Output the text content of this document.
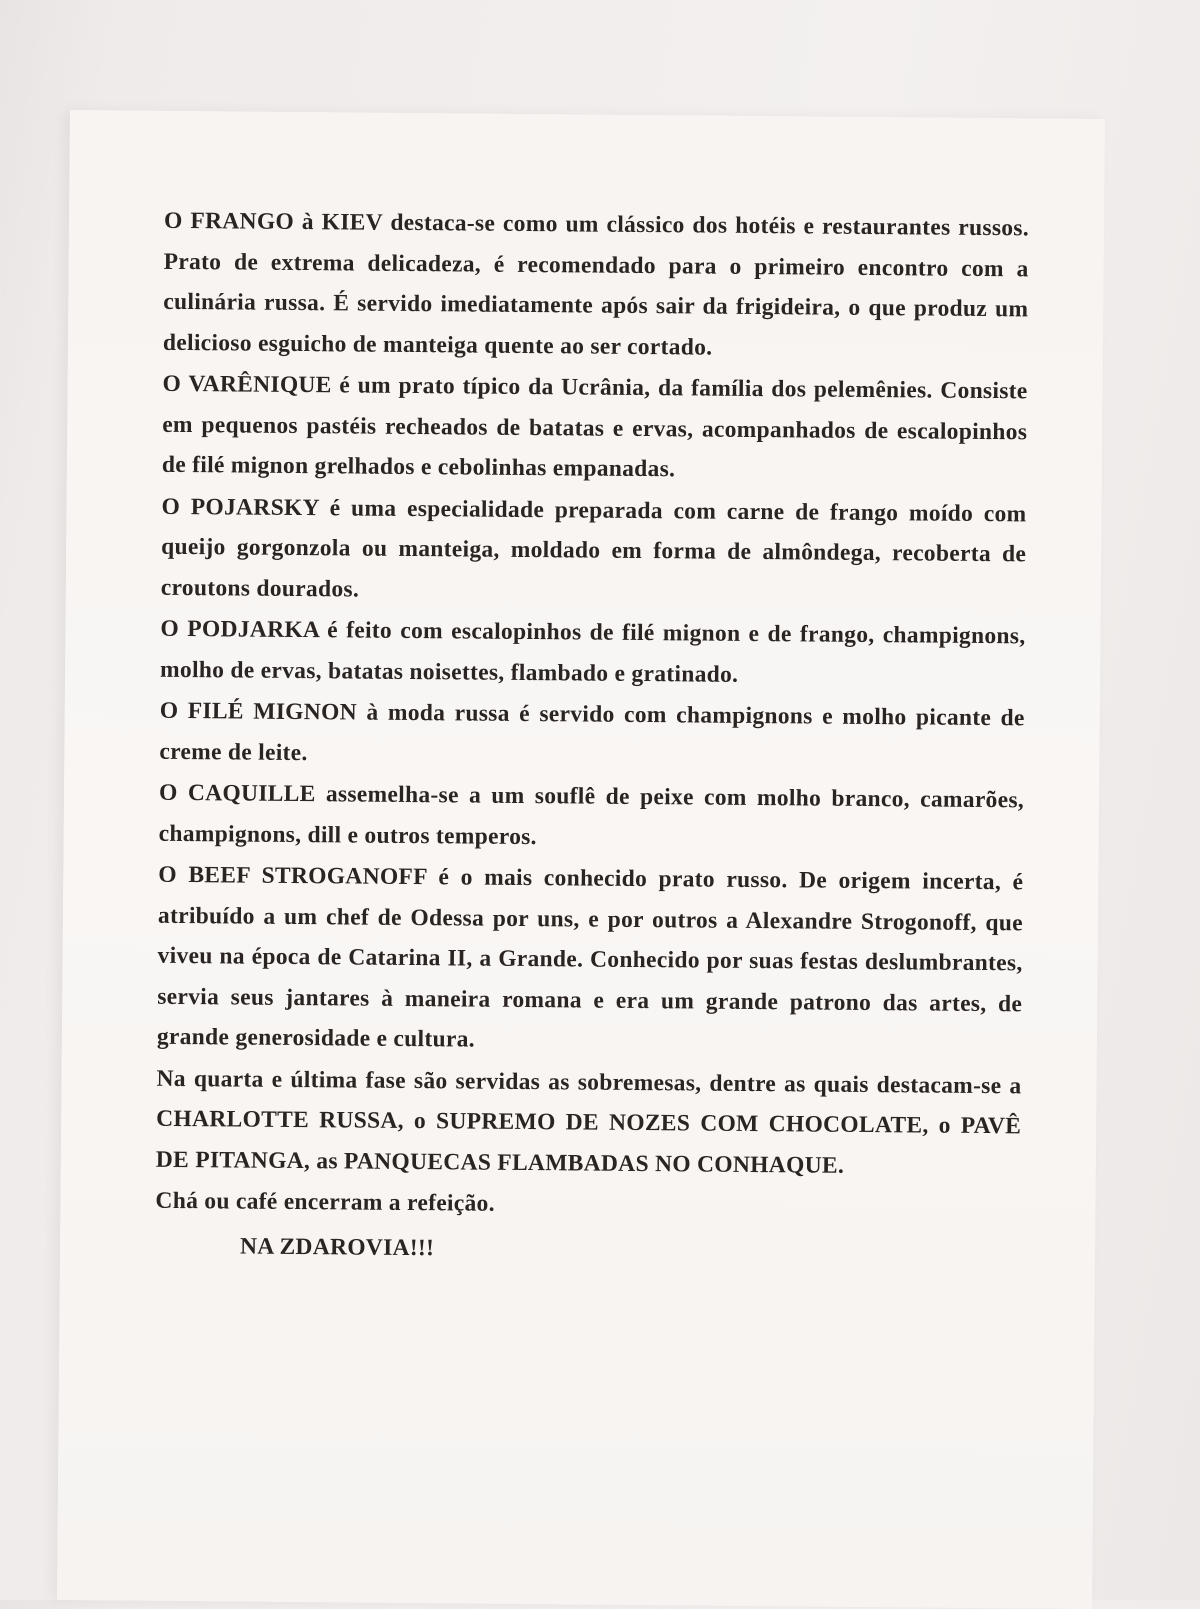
O FRANGO à KIEV destaca-se como um clássico dos hotéis e restaurantes russos. Prato de extrema delicadeza, é recomendado para o primeiro encontro com a culinária russa. É servido imediatamente após sair da frigideira, o que produz um delicioso esguicho de manteiga quente ao ser cortado.

O VARÊNIQUE é um prato típico da Ucrânia, da família dos pelemênies. Consiste em pequenos pastéis recheados de batatas e ervas, acompanhados de escalopinhos de filé mignon grelhados e cebolinhas empanadas.

O POJARSKY é uma especialidade preparada com carne de frango moído com queijo gorgonzola ou manteiga, moldado em forma de almôndega, recoberta de croutons dourados.

O PODJARKA é feito com escalopinhos de filé mignon e de frango, champignons, molho de ervas, batatas noisettes, flambado e gratinado.

O FILÉ MIGNON à moda russa é servido com champignons e molho picante de creme de leite.

O CAQUILLE assemelha-se a um souflê de peixe com molho branco, camarões, champignons, dill e outros temperos.

O BEEF STROGANOFF é o mais conhecido prato russo. De origem incerta, é atribuído a um chef de Odessa por uns, e por outros a Alexandre Strogonoff, que viveu na época de Catarina II, a Grande. Conhecido por suas festas deslumbrantes, servia seus jantares à maneira romana e era um grande patrono das artes, de grande generosidade e cultura.

Na quarta e última fase são servidas as sobremesas, dentre as quais destacam-se a CHARLOTTE RUSSA, o SUPREMO DE NOZES COM CHOCOLATE, o PAVÊ DE PITANGA, as PANQUECAS FLAMBADAS NO CONHAQUE.

Chá ou café encerram a refeição.

NA ZDAROVIA!!!
